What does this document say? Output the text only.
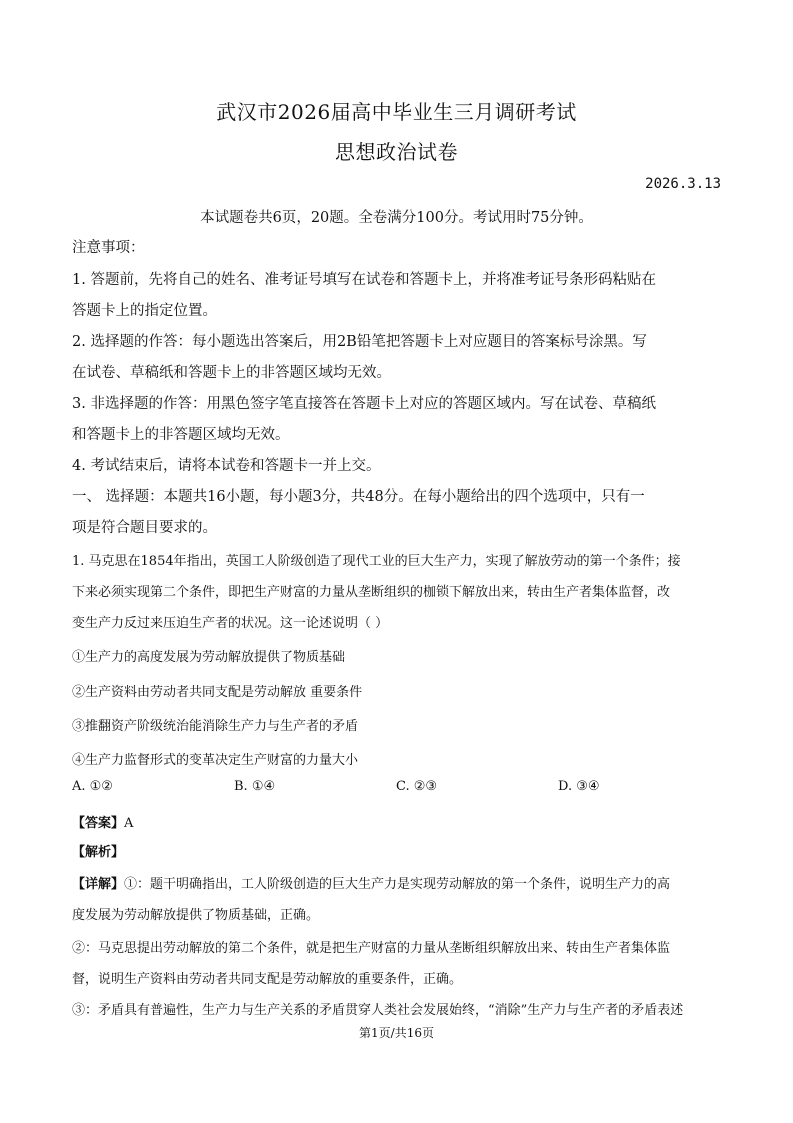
武汉市2026届高中毕业生三月调研考试
思想政治试卷
2026.3.13
本试题卷共6页，20题。全卷满分100分。考试用时75分钟。
注意事项：
1. 答题前，先将自己的姓名、准考证号填写在试卷和答题卡上，并将准考证号条形码粘贴在
答题卡上的指定位置。
2. 选择题的作答：每小题选出答案后，用2B铅笔把答题卡上对应题目的答案标号涂黑。写
在试卷、草稿纸和答题卡上的非答题区域均无效。
3. 非选择题的作答：用黑色签字笔直接答在答题卡上对应的答题区域内。写在试卷、草稿纸
和答题卡上的非答题区域均无效。
4. 考试结束后，请将本试卷和答题卡一并上交。
一、 选择题：本题共16小题，每小题3分，共48分。在每小题给出的四个选项中，只有一
项是符合题目要求的。
1. 马克思在1854年指出，英国工人阶级创造了现代工业的巨大生产力，实现了解放劳动的第一个条件；接
下来必须实现第二个条件，即把生产财富的力量从垄断组织的枷锁下解放出来，转由生产者集体监督，改
变生产力反过来压迫生产者的状况。这一论述说明（ ）
①生产力的高度发展为劳动解放提供了物质基础
②生产资料由劳动者共同支配是劳动解放 重要条件
③推翻资产阶级统治能消除生产力与生产者的矛盾
④生产力监督形式的变革决定生产财富的力量大小
A. ①②	B. ①④	C. ②③	D. ③④
【答案】A
【解析】
【详解】①：题干明确指出，工人阶级创造的巨大生产力是实现劳动解放的第一个条件，说明生产力的高
度发展为劳动解放提供了物质基础，正确。
②：马克思提出劳动解放的第二个条件，就是把生产财富的力量从垄断组织解放出来、转由生产者集体监
督，说明生产资料由劳动者共同支配是劳动解放的重要条件，正确。
③：矛盾具有普遍性，生产力与生产关系的矛盾贯穿人类社会发展始终，“消除”生产力与生产者的矛盾表述
第1页/共16页
